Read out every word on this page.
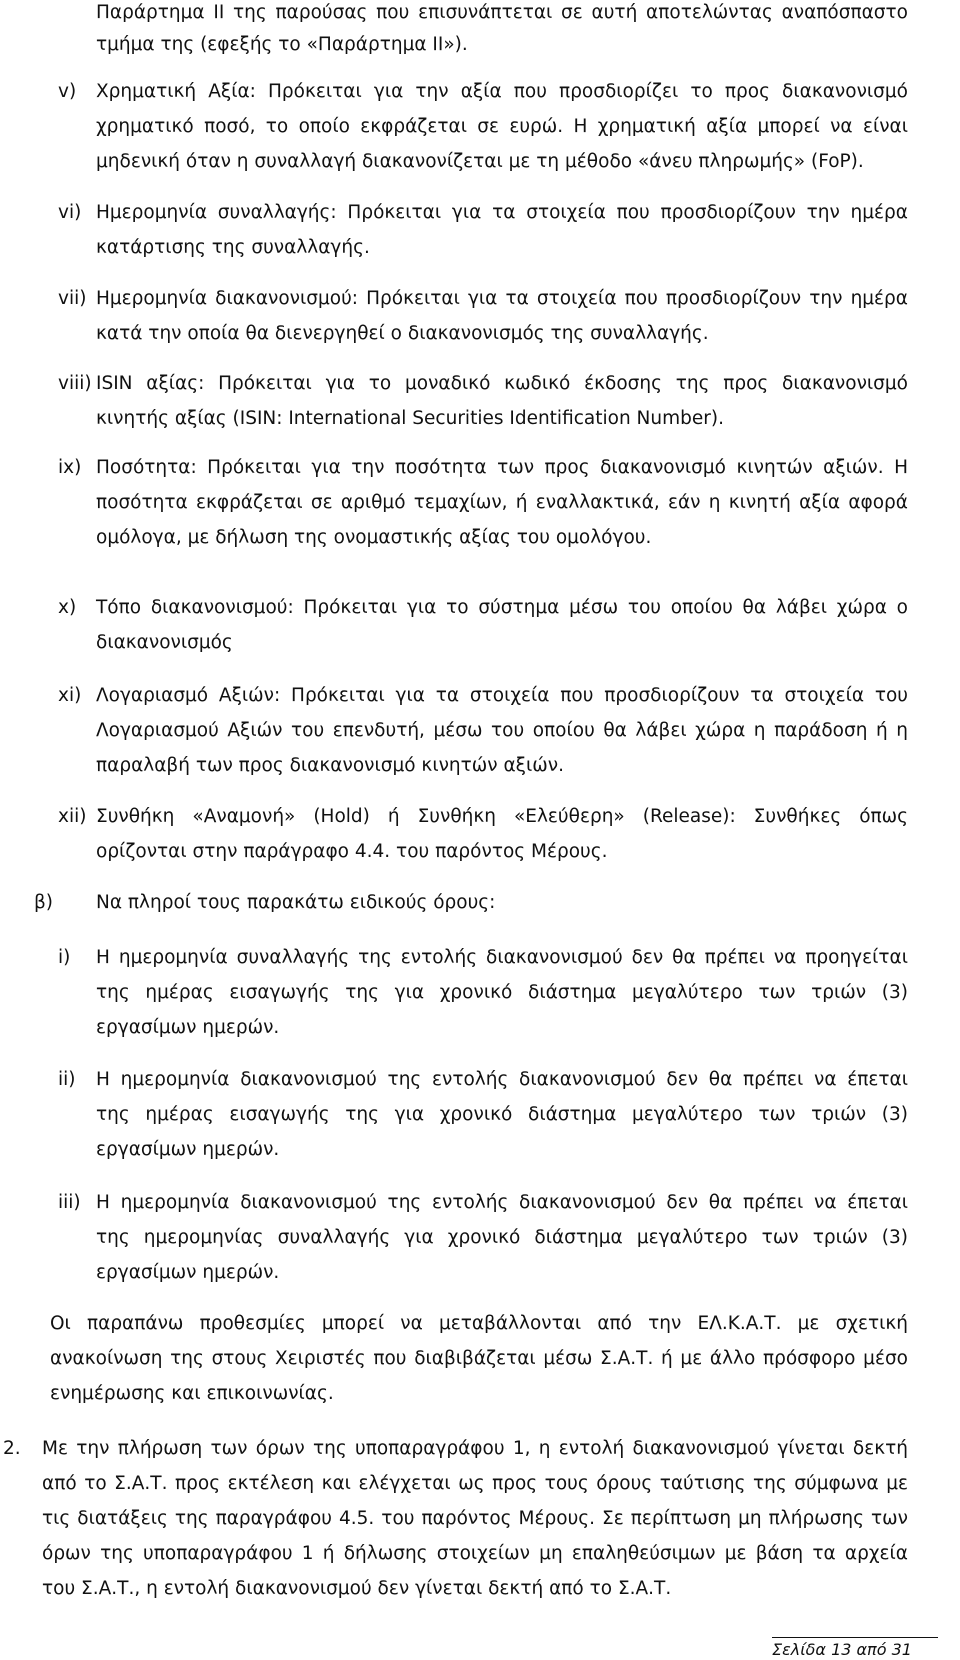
Παράρτημα ΙΙ της παρούσας που επισυνάπτεται σε αυτή αποτελώντας αναπόσπαστο
τμήμα της (εφεξής το «Παράρτημα ΙΙ»).
v) Χρηματική Αξία: Πρόκειται για την αξία που προσδιορίζει το προς διακανονισμό
χρηματικό ποσό, το οποίο εκφράζεται σε ευρώ. Η χρηματική αξία μπορεί να είναι
μηδενική όταν η συναλλαγή διακανονίζεται με τη μέθοδο «άνευ πληρωμής» (FoP).
vi) Ημερομηνία συναλλαγής: Πρόκειται για τα στοιχεία που προσδιορίζουν την ημέρα
κατάρτισης της συναλλαγής.
vii) Ημερομηνία διακανονισμού: Πρόκειται για τα στοιχεία που προσδιορίζουν την ημέρα
κατά την οποία θα διενεργηθεί ο διακανονισμός της συναλλαγής.
viii) ISIN αξίας: Πρόκειται για το μοναδικό κωδικό έκδοσης της προς διακανονισμό
κινητής αξίας (ISIN: International Securities Identification Number).
ix) Ποσότητα: Πρόκειται για την ποσότητα των προς διακανονισμό κινητών αξιών. Η
ποσότητα εκφράζεται σε αριθμό τεμαχίων, ή εναλλακτικά, εάν η κινητή αξία αφορά
ομόλογα, με δήλωση της ονομαστικής αξίας του ομολόγου.
x) Τόπο διακανονισμού: Πρόκειται για το σύστημα μέσω του οποίου θα λάβει χώρα ο
διακανονισμός
xi) Λογαριασμό Αξιών: Πρόκειται για τα στοιχεία που προσδιορίζουν τα στοιχεία του
Λογαριασμού Αξιών του επενδυτή, μέσω του οποίου θα λάβει χώρα η παράδοση ή η
παραλαβή των προς διακανονισμό κινητών αξιών.
xii) Συνθήκη «Αναμονή» (Hold) ή Συνθήκη «Ελεύθερη» (Release): Συνθήκες όπως
ορίζονται στην παράγραφο 4.4. του παρόντος Μέρους.
β) Να πληροί τους παρακάτω ειδικούς όρους:
i) Η ημερομηνία συναλλαγής της εντολής διακανονισμού δεν θα πρέπει να προηγείται
της ημέρας εισαγωγής της για χρονικό διάστημα μεγαλύτερο των τριών (3)
εργασίμων ημερών.
ii) Η ημερομηνία διακανονισμού της εντολής διακανονισμού δεν θα πρέπει να έπεται
της ημέρας εισαγωγής της για χρονικό διάστημα μεγαλύτερο των τριών (3)
εργασίμων ημερών.
iii) Η ημερομηνία διακανονισμού της εντολής διακανονισμού δεν θα πρέπει να έπεται
της ημερομηνίας συναλλαγής για χρονικό διάστημα μεγαλύτερο των τριών (3)
εργασίμων ημερών.
Οι παραπάνω προθεσμίες μπορεί να μεταβάλλονται από την ΕΛ.Κ.Α.Τ. με σχετική
ανακοίνωση της στους Χειριστές που διαβιβάζεται μέσω Σ.Α.Τ. ή με άλλο πρόσφορο μέσο
ενημέρωσης και επικοινωνίας.
2. Με την πλήρωση των όρων της υποπαραγράφου 1, η εντολή διακανονισμού γίνεται δεκτή
από το Σ.Α.Τ. προς εκτέλεση και ελέγχεται ως προς τους όρους ταύτισης της σύμφωνα με
τις διατάξεις της παραγράφου 4.5. του παρόντος Μέρους. Σε περίπτωση μη πλήρωσης των
όρων της υποπαραγράφου 1 ή δήλωσης στοιχείων μη επαληθεύσιμων με βάση τα αρχεία
του Σ.Α.Τ., η εντολή διακανονισμού δεν γίνεται δεκτή από το Σ.Α.Τ.
Σελίδα 13 από 31
